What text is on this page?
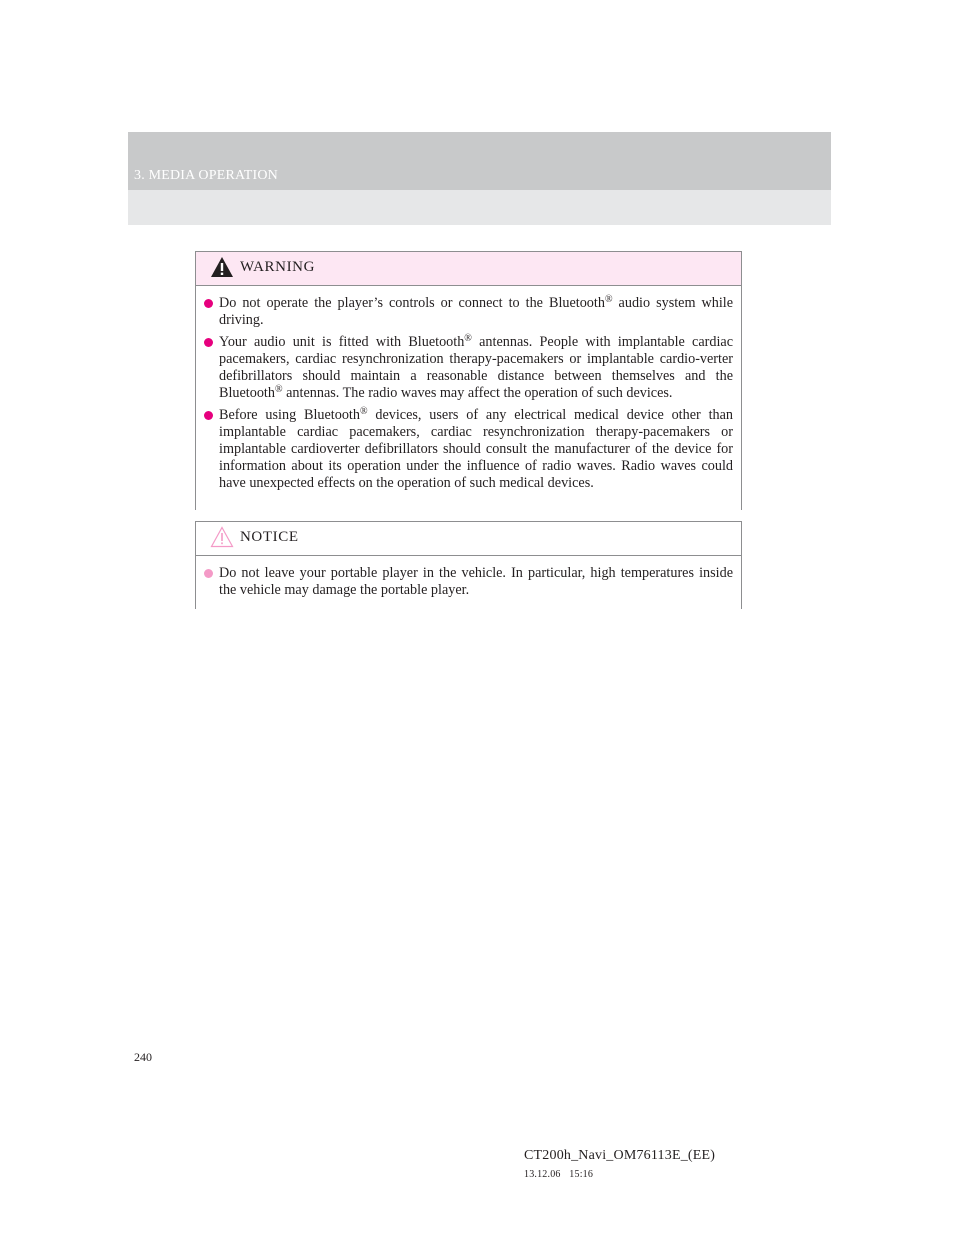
3. MEDIA OPERATION
WARNING
Do not operate the player’s controls or connect to the Bluetooth® audio system while driving.
Your audio unit is fitted with Bluetooth® antennas. People with implantable cardiac pacemakers, cardiac resynchronization therapy-pacemakers or implantable cardio-verter defibrillators should maintain a reasonable distance between themselves and the Bluetooth® antennas. The radio waves may affect the operation of such devices.
Before using Bluetooth® devices, users of any electrical medical device other than implantable cardiac pacemakers, cardiac resynchronization therapy-pacemakers or implantable cardioverter defibrillators should consult the manufacturer of the device for information about its operation under the influence of radio waves. Radio waves could have unexpected effects on the operation of such medical devices.
NOTICE
Do not leave your portable player in the vehicle. In particular, high temperatures inside the vehicle may damage the portable player.
240
CT200h_Navi_OM76113E_(EE)
13.12.06 15:16
